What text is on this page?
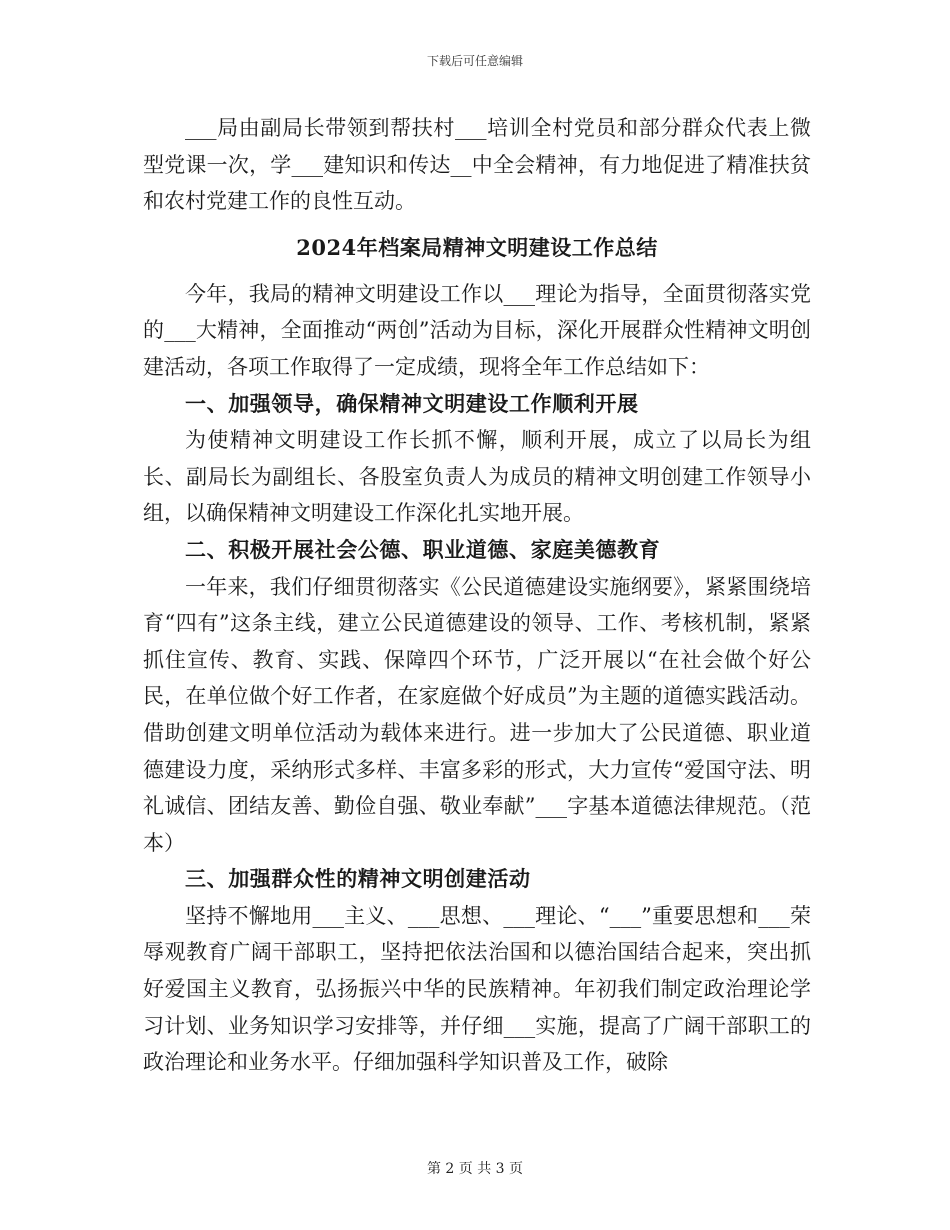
下载后可任意编辑

___局由副局长带领到帮扶村___培训全村党员和部分群众代表上微型党课一次，学___建知识和传达__中全会精神，有力地促进了精准扶贫和农村党建工作的良性互动。

2024年档案局精神文明建设工作总结

今年，我局的精神文明建设工作以___理论为指导，全面贯彻落实党的___大精神，全面推动“两创”活动为目标，深化开展群众性精神文明创建活动，各项工作取得了一定成绩，现将全年工作总结如下：

一、加强领导，确保精神文明建设工作顺利开展

为使精神文明建设工作长抓不懈，顺利开展，成立了以局长为组长、副局长为副组长、各股室负责人为成员的精神文明创建工作领导小组，以确保精神文明建设工作深化扎实地开展。

二、积极开展社会公德、职业道德、家庭美德教育

一年来，我们仔细贯彻落实《公民道德建设实施纲要》，紧紧围绕培育“四有”这条主线，建立公民道德建设的领导、工作、考核机制，紧紧抓住宣传、教育、实践、保障四个环节，广泛开展以“在社会做个好公民，在单位做个好工作者，在家庭做个好成员”为主题的道德实践活动。借助创建文明单位活动为载体来进行。进一步加大了公民道德、职业道德建设力度，采纳形式多样、丰富多彩的形式，大力宣传“爱国守法、明礼诚信、团结友善、勤俭自强、敬业奉献”___字基本道德法律规范。（范本）

三、加强群众性的精神文明创建活动

坚持不懈地用___主义、___思想、___理论、“___”重要思想和___荣辱观教育广阔干部职工，坚持把依法治国和以德治国结合起来，突出抓好爱国主义教育，弘扬振兴中华的民族精神。年初我们制定政治理论学习计划、业务知识学习安排等，并仔细___实施，提高了广阔干部职工的政治理论和业务水平。仔细加强科学知识普及工作，破除

第 2 页 共 3 页
